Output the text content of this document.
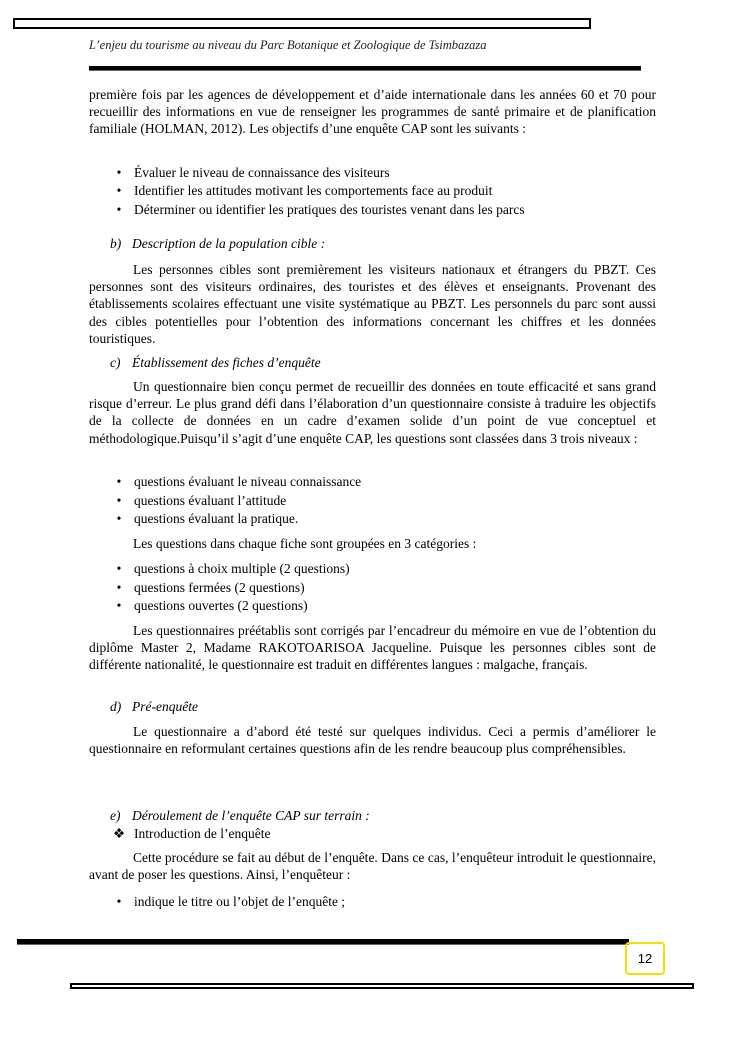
L’enjeu du tourisme au niveau du Parc Botanique et Zoologique de Tsimbazaza
première fois par les agences de développement et d’aide internationale dans les années 60 et 70 pour recueillir des informations en vue de renseigner les programmes de santé primaire et de planification familiale (HOLMAN, 2012). Les objectifs d’une enquête CAP sont les suivants :
• Évaluer le niveau de connaissance des visiteurs
• Identifier les attitudes motivant les comportements face au produit
• Déterminer ou identifier les pratiques des touristes venant dans les parcs
b) Description de la population cible :
Les personnes cibles sont premièrement les visiteurs nationaux et étrangers du PBZT. Ces personnes sont des visiteurs ordinaires, des touristes et des élèves et enseignants. Provenant des établissements scolaires effectuant une visite systématique au PBZT. Les personnels du parc sont aussi des cibles potentielles pour l’obtention des informations concernant les chiffres et les données touristiques.
c) Établissement des fiches d’enquête
Un questionnaire bien conçu permet de recueillir des données en toute efficacité et sans grand risque d’erreur. Le plus grand défi dans l’élaboration d’un questionnaire consiste à traduire les objectifs de la collecte de données en un cadre d’examen solide d’un point de vue conceptuel et méthodologique.Puisqu’il s’agit d’une enquête CAP, les questions sont classées dans 3 trois niveaux :
• questions évaluant le niveau connaissance
• questions évaluant l’attitude
• questions évaluant la pratique.
Les questions dans chaque fiche sont groupées en 3 catégories :
• questions à choix multiple (2 questions)
• questions fermées (2 questions)
• questions ouvertes (2 questions)
Les questionnaires préétablis sont corrigés par l’encadreur du mémoire en vue de l’obtention du diplôme Master 2, Madame RAKOTOARISOA Jacqueline. Puisque les personnes cibles sont de différente nationalité, le questionnaire est traduit en différentes langues : malgache, français.
d) Pré-enquête
Le questionnaire a d’abord été testé sur quelques individus. Ceci a permis d’améliorer le questionnaire en reformulant certaines questions afin de les rendre beaucoup plus compréhensibles.
e) Déroulement de l’enquête CAP sur terrain :
❖ Introduction de l’enquête
Cette procédure se fait au début de l’enquête. Dans ce cas, l’enquêteur introduit le questionnaire, avant de poser les questions. Ainsi, l’enquêteur :
• indique le titre ou l’objet de l’enquête ;
12
